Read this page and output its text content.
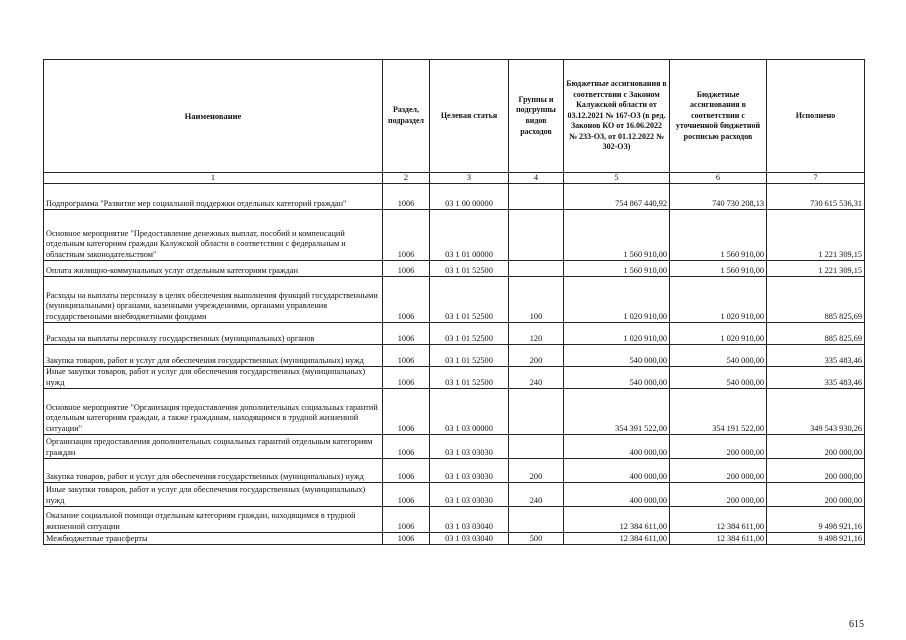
Наименование	Раздел, подраздел	Целевая статья	Группы и подгруппы видов расходов	Бюджетные ассигнования в соответствии с Законом Калужской области от 03.12.2021 № 167-ОЗ (в ред. Законов КО от 16.06.2022 № 233-ОЗ, от 01.12.2022 № 302-ОЗ)	Бюджетные ассигнования в соответствии с уточненной бюджетной росписью расходов	Исполнено
1	2	3	4	5	6	7
Подпрограмма "Развитие мер социальной поддержки отдельных категорий граждан"	1006	03 1 00 00000		754 867 440,92	740 730 208,13	730 615 536,31
Основное мероприятие "Предоставление денежных выплат, пособий и компенсаций отдельным категориям граждан Калужской области в соответствии с федеральным и областным законодательством"	1006	03 1 01 00000		1 560 910,00	1 560 910,00	1 221 309,15
Оплата жилищно-коммунальных услуг отдельным категориям граждан	1006	03 1 01 52500		1 560 910,00	1 560 910,00	1 221 309,15
Расходы на выплаты персоналу в целях обеспечения выполнения функций государственными (муниципальными) органами, казенными учреждениями, органами управления государственными внебюджетными фондами	1006	03 1 01 52500	100	1 020 910,00	1 020 910,00	885 825,69
Расходы на выплаты персоналу государственных (муниципальных) органов	1006	03 1 01 52500	120	1 020 910,00	1 020 910,00	885 825,69
Закупка товаров, работ и услуг для обеспечения государственных (муниципальных) нужд	1006	03 1 01 52500	200	540 000,00	540 000,00	335 483,46
Иные закупки товаров, работ и услуг для обеспечения государственных (муниципальных) нужд	1006	03 1 01 52500	240	540 000,00	540 000,00	335 483,46
Основное мероприятие "Организация предоставления дополнительных социальных гарантий отдельным категориям граждан, а также гражданам, находящимся в трудной жизненной ситуации"	1006	03 1 03 00000		354 391 522,00	354 191 522,00	349 543 930,26
Организация предоставления дополнительных социальных гарантий отдельным категориям граждан	1006	03 1 03 03030		400 000,00	200 000,00	200 000,00
Закупка товаров, работ и услуг для обеспечения государственных (муниципальных) нужд	1006	03 1 03 03030	200	400 000,00	200 000,00	200 000,00
Иные закупки товаров, работ и услуг для обеспечения государственных (муниципальных) нужд	1006	03 1 03 03030	240	400 000,00	200 000,00	200 000,00
Оказание социальной помощи отдельным категориям граждан, находящимся в трудной жизненной ситуации	1006	03 1 03 03040		12 384 611,00	12 384 611,00	9 498 921,16
Межбюджетные трансферты	1006	03 1 03 03040	500	12 384 611,00	12 384 611,00	9 498 921,16
615
